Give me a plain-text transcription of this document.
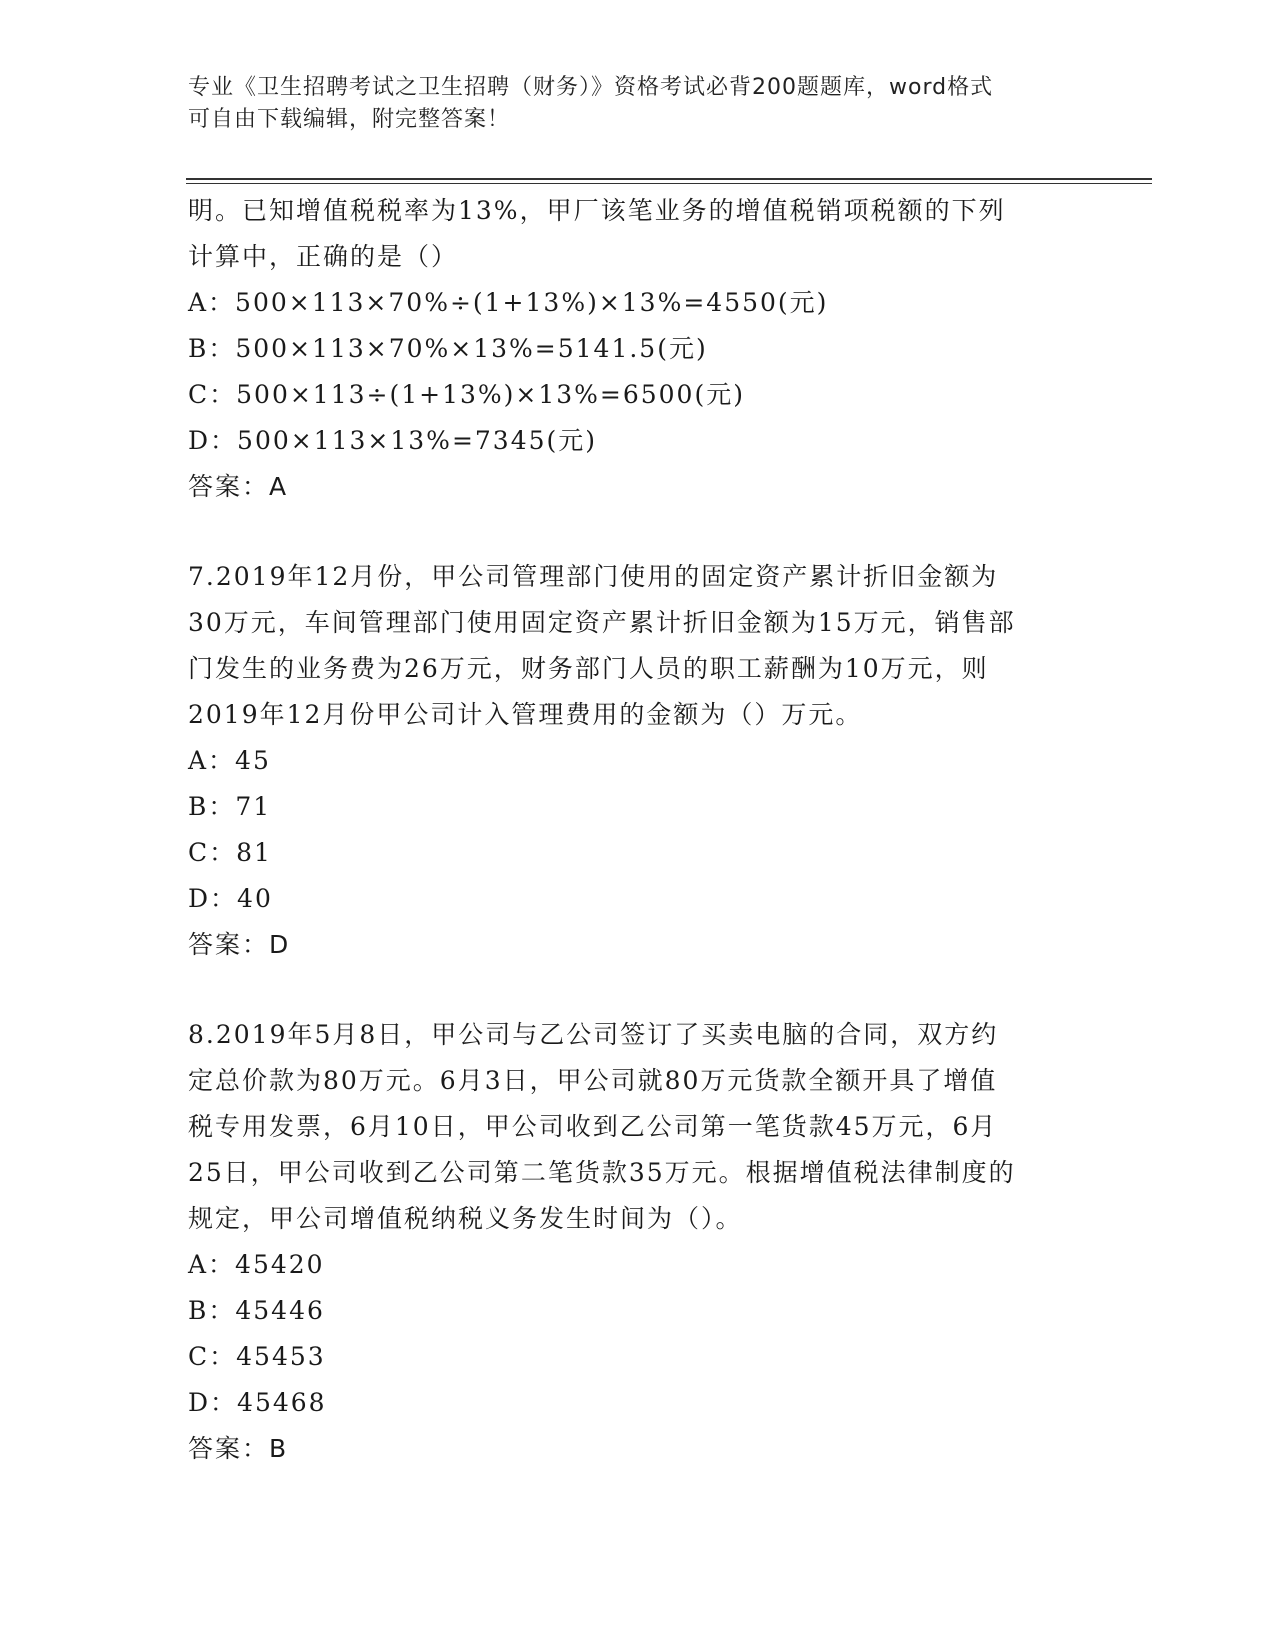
专业《卫生招聘考试之卫生招聘（财务）》资格考试必背200题题库，word格式
可自由下载编辑，附完整答案！
明。已知增值税税率为13%，甲厂该笔业务的增值税销项税额的下列
计算中，正确的是（）
A：500×113×70%÷(1+13%)×13%=4550(元)
B：500×113×70%×13%=5141.5(元)
C：500×113÷(1+13%)×13%=6500(元)
D：500×113×13%=7345(元)
答案：A
7.2019年12月份，甲公司管理部门使用的固定资产累计折旧金额为
30万元，车间管理部门使用固定资产累计折旧金额为15万元，销售部
门发生的业务费为26万元，财务部门人员的职工薪酬为10万元，则
2019年12月份甲公司计入管理费用的金额为（）万元。
A：45
B：71
C：81
D：40
答案：D
8.2019年5月8日，甲公司与乙公司签订了买卖电脑的合同，双方约
定总价款为80万元。6月3日，甲公司就80万元货款全额开具了增值
税专用发票，6月10日，甲公司收到乙公司第一笔货款45万元，6月
25日，甲公司收到乙公司第二笔货款35万元。根据增值税法律制度的
规定，甲公司增值税纳税义务发生时间为（）。
A：45420
B：45446
C：45453
D：45468
答案：B
